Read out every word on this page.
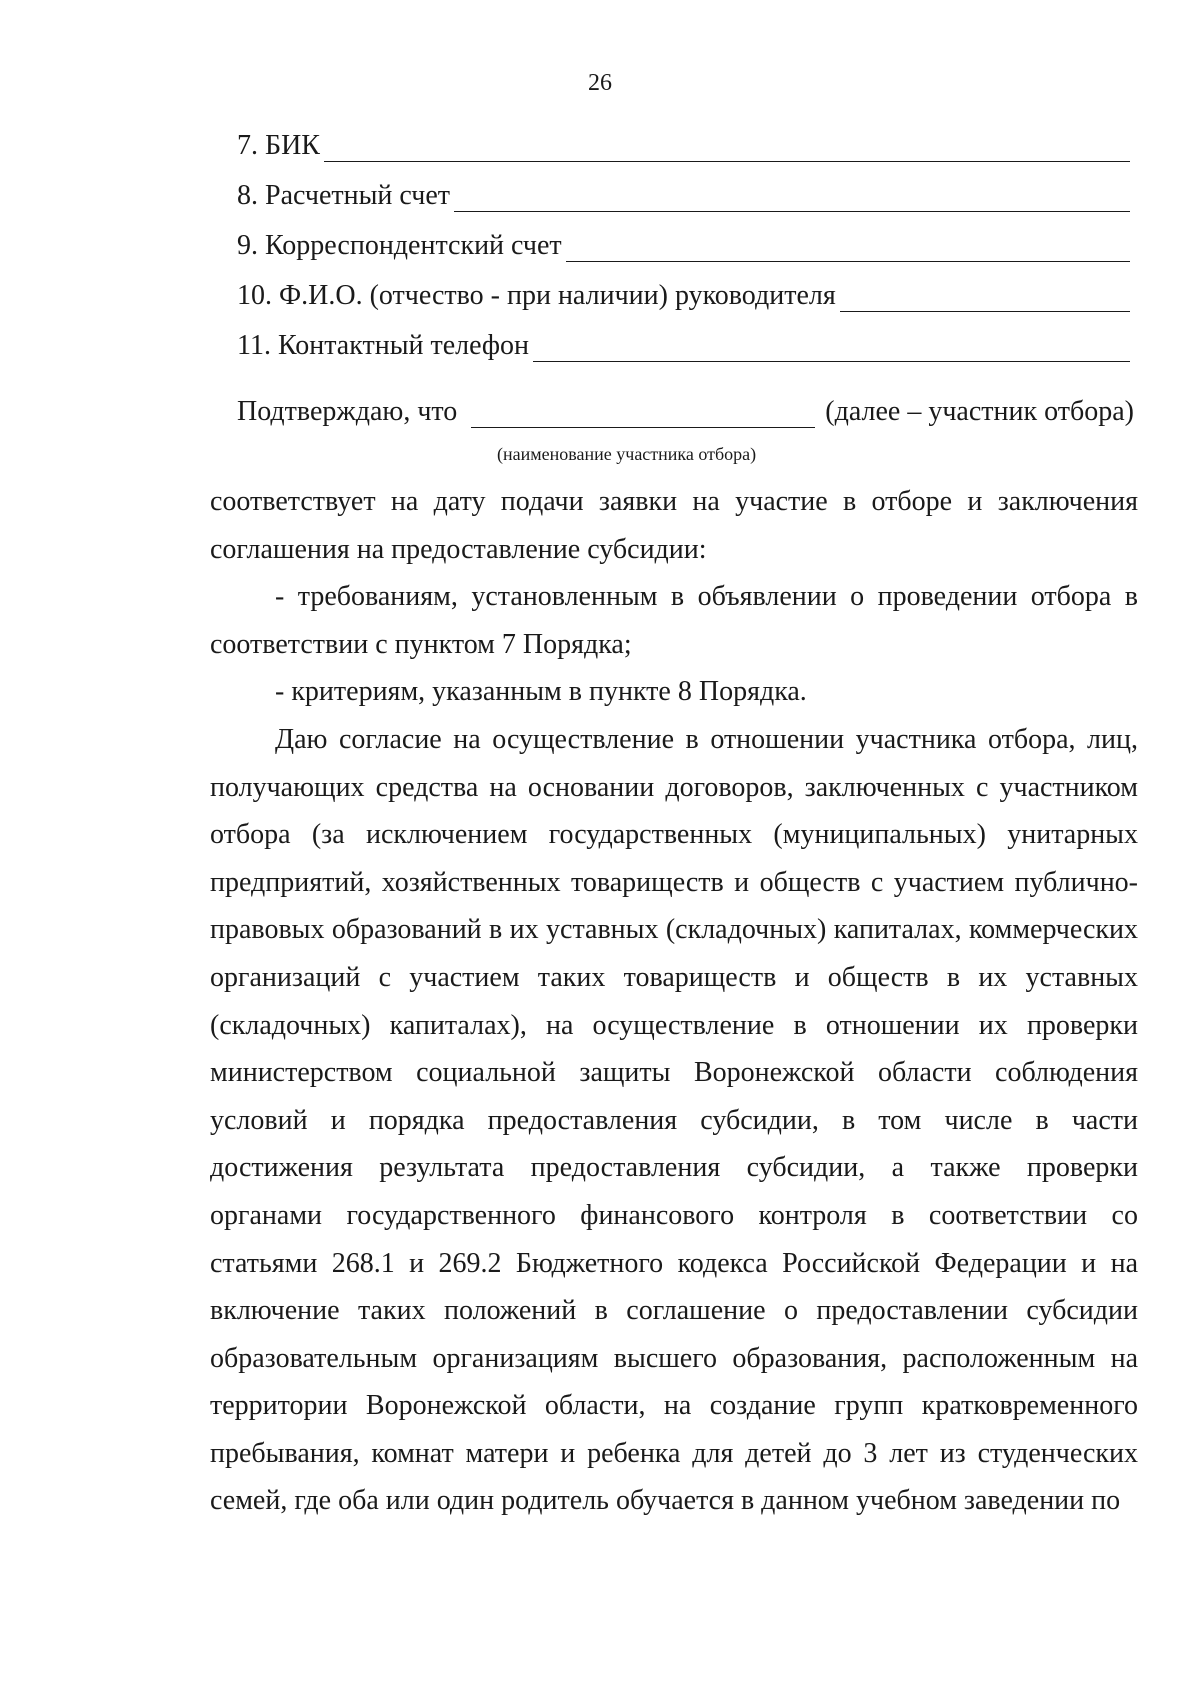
26
7. БИК
8. Расчетный счет
9. Корреспондентский счет
10. Ф.И.О. (отчество - при наличии) руководителя
11. Контактный телефон
Подтверждаю, что	(далее – участник отбора)
(наименование участника отбора)

соответствует на дату подачи заявки на участие в отборе и заключения соглашения на предоставление субсидии:

- требованиям, установленным в объявлении о проведении отбора в соответствии с пунктом 7 Порядка;

- критериям, указанным в пункте 8 Порядка.

Даю согласие на осуществление в отношении участника отбора, лиц, получающих средства на основании договоров, заключенных с участником отбора (за исключением государственных (муниципальных) унитарных предприятий, хозяйственных товариществ и обществ с участием публично-правовых образований в их уставных (складочных) капиталах, коммерческих организаций с участием таких товариществ и обществ в их уставных (складочных) капиталах), на осуществление в отношении их проверки министерством социальной защиты Воронежской области соблюдения условий и порядка предоставления субсидии, в том числе в части достижения результата предоставления субсидии, а также проверки органами государственного финансового контроля в соответствии со статьями 268.1 и 269.2 Бюджетного кодекса Российской Федерации и на включение таких положений в соглашение о предоставлении субсидии образовательным организациям высшего образования, расположенным на территории Воронежской области, на создание групп кратковременного пребывания, комнат матери и ребенка для детей до 3 лет из студенческих семей, где оба или один родитель обучается в данном учебном заведении по
